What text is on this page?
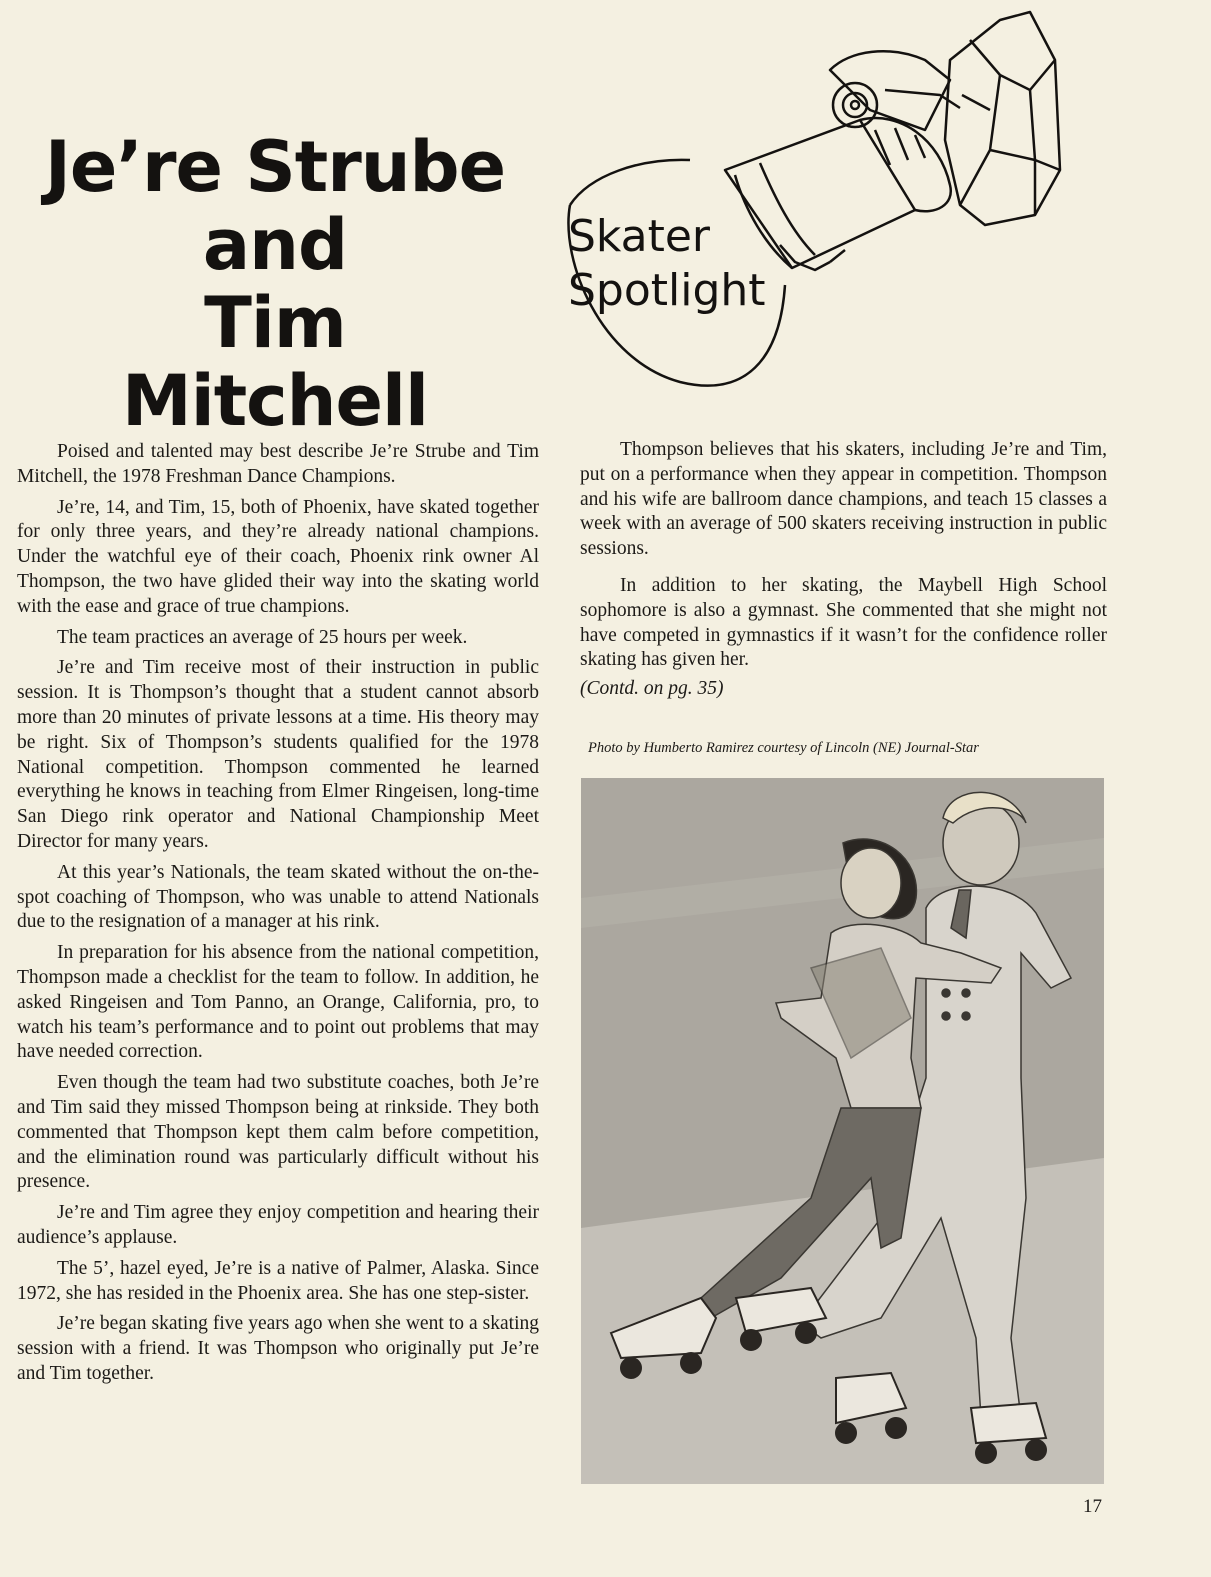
Je’re Strube
and
Tim Mitchell
Skater
Spotlight

Poised and talented may best describe Je’re Strube and Tim Mitchell, the 1978 Freshman Dance Champions.

Je’re, 14, and Tim, 15, both of Phoenix, have skated together for only three years, and they’re already national champions. Under the watchful eye of their coach, Phoenix rink owner Al Thompson, the two have glided their way into the skating world with the ease and grace of true champions.

The team practices an average of 25 hours per week.

Je’re and Tim receive most of their instruction in public session. It is Thompson’s thought that a student cannot absorb more than 20 minutes of private lessons at a time. His theory may be right. Six of Thompson’s students qualified for the 1978 National competition. Thompson commented he learned everything he knows in teaching from Elmer Ringeisen, long-time San Diego rink operator and National Championship Meet Director for many years.

At this year’s Nationals, the team skated without the on-the-spot coaching of Thompson, who was unable to attend Nationals due to the resignation of a manager at his rink.

In preparation for his absence from the national competition, Thompson made a checklist for the team to follow. In addition, he asked Ringeisen and Tom Panno, an Orange, California, pro, to watch his team’s performance and to point out problems that may have needed correction.

Even though the team had two substitute coaches, both Je’re and Tim said they missed Thompson being at rinkside. They both commented that Thompson kept them calm before competition, and the elimination round was particularly difficult without his presence.

Je’re and Tim agree they enjoy competition and hearing their audience’s applause.

The 5’, hazel eyed, Je’re is a native of Palmer, Alaska. Since 1972, she has resided in the Phoenix area. She has one step-sister.

Je’re began skating five years ago when she went to a skating session with a friend. It was Thompson who originally put Je’re and Tim together.

Thompson believes that his skaters, including Je’re and Tim, put on a performance when they appear in competition. Thompson and his wife are ballroom dance champions, and teach 15 classes a week with an average of 500 skaters receiving instruction in public sessions.

In addition to her skating, the Maybell High School sophomore is also a gymnast. She commented that she might not have competed in gymnastics if it wasn’t for the confidence roller skating has given her.

(Contd. on pg. 35)

Photo by Humberto Ramirez courtesy of Lincoln (NE) Journal-Star
17
